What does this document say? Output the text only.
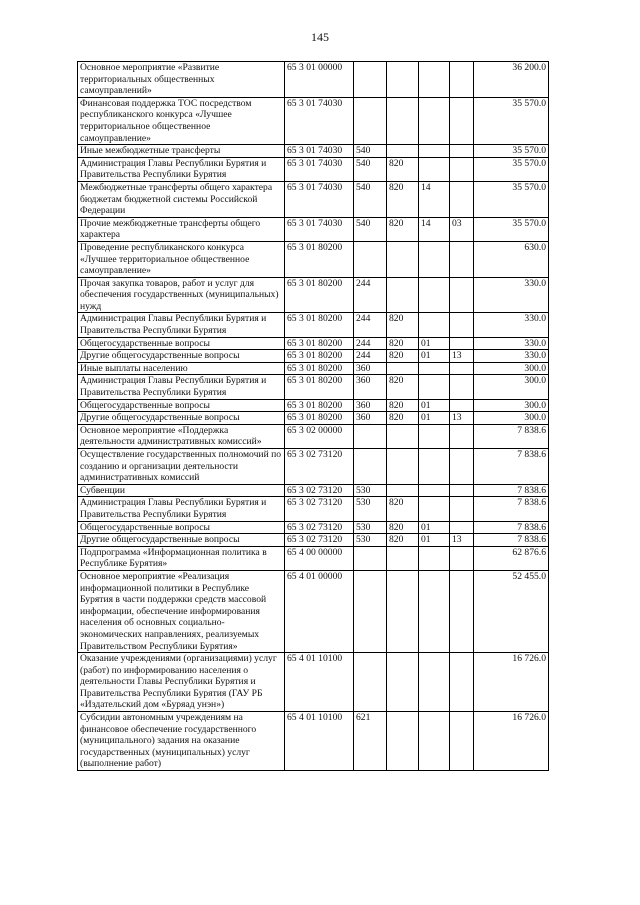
145
Основное мероприятие «Развитие территориальных общественных самоуправлений»	65 3 01 00000					36 200.0
Финансовая поддержка ТОС посредством республиканского конкурса «Лучшее территориальное общественное самоуправление»	65 3 01 74030					35 570.0
Иные межбюджетные трансферты	65 3 01 74030	540				35 570.0
Администрация Главы Республики Бурятия и Правительства Республики Бурятия	65 3 01 74030	540	820			35 570.0
Межбюджетные трансферты общего характера бюджетам бюджетной системы Российской Федерации	65 3 01 74030	540	820	14		35 570.0
Прочие межбюджетные трансферты общего характера	65 3 01 74030	540	820	14	03	35 570.0
Проведение республиканского конкурса «Лучшее территориальное общественное самоуправление»	65 3 01 80200					630.0
Прочая закупка товаров, работ и услуг для обеспечения государственных (муниципальных) нужд	65 3 01 80200	244				330.0
Администрация Главы Республики Бурятия и Правительства Республики Бурятия	65 3 01 80200	244	820			330.0
Общегосударственные вопросы	65 3 01 80200	244	820	01		330.0
Другие общегосударственные вопросы	65 3 01 80200	244	820	01	13	330.0
Иные выплаты населению	65 3 01 80200	360				300.0
Администрация Главы Республики Бурятия и Правительства Республики Бурятия	65 3 01 80200	360	820			300.0
Общегосударственные вопросы	65 3 01 80200	360	820	01		300.0
Другие общегосударственные вопросы	65 3 01 80200	360	820	01	13	300.0
Основное мероприятие «Поддержка деятельности административных комиссий»	65 3 02 00000					7 838.6
Осуществление государственных полномочий по созданию и организации деятельности административных комиссий	65 3 02 73120					7 838.6
Субвенции	65 3 02 73120	530				7 838.6
Администрация Главы Республики Бурятия и Правительства Республики Бурятия	65 3 02 73120	530	820			7 838.6
Общегосударственные вопросы	65 3 02 73120	530	820	01		7 838.6
Другие общегосударственные вопросы	65 3 02 73120	530	820	01	13	7 838.6
Подпрограмма «Информационная политика в Республике Бурятия»	65 4 00 00000					62 876.6
Основное мероприятие «Реализация информационной политики в Республике Бурятия в части поддержки средств массовой информации, обеспечение информирования населения об основных социально-экономических направлениях, реализуемых Правительством Республики Бурятия»	65 4 01 00000					52 455.0
Оказание учреждениями (организациями) услуг (работ) по информированию населения о деятельности Главы Республики Бурятия и Правительства Республики Бурятия (ГАУ РБ «Издательский дом «Буряад унэн»)	65 4 01 10100					16 726.0
Субсидии автономным учреждениям на финансовое обеспечение государственного (муниципального) задания на оказание государственных (муниципальных) услуг (выполнение работ)	65 4 01 10100	621				16 726.0
